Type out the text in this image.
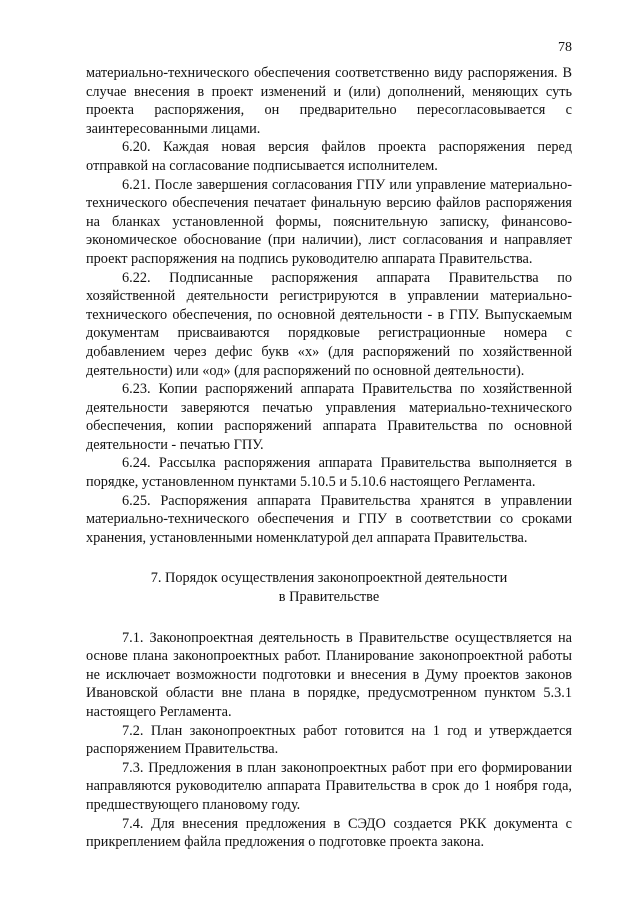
78

материально-технического обеспечения соответственно виду распоряжения. В случае внесения в проект изменений и (или) дополнений, меняющих суть проекта распоряжения, он предварительно пересогласовывается с заинтересованными лицами.

6.20. Каждая новая версия файлов проекта распоряжения перед отправкой на согласование подписывается исполнителем.

6.21. После завершения согласования ГПУ или управление материально-технического обеспечения печатает финальную версию файлов распоряжения на бланках установленной формы, пояснительную записку, финансово-экономическое обоснование (при наличии), лист согласования и направляет проект распоряжения на подпись руководителю аппарата Правительства.

6.22. Подписанные распоряжения аппарата Правительства по хозяйственной деятельности регистрируются в управлении материально-технического обеспечения, по основной деятельности - в ГПУ. Выпускаемым документам присваиваются порядковые регистрационные номера с добавлением через дефис букв «х» (для распоряжений по хозяйственной деятельности) или «од» (для распоряжений по основной деятельности).

6.23. Копии распоряжений аппарата Правительства по хозяйственной деятельности заверяются печатью управления материально-технического обеспечения, копии распоряжений аппарата Правительства по основной деятельности - печатью ГПУ.

6.24. Рассылка распоряжения аппарата Правительства выполняется в порядке, установленном пунктами 5.10.5 и 5.10.6 настоящего Регламента.

6.25. Распоряжения аппарата Правительства хранятся в управлении материально-технического обеспечения и ГПУ в соответствии со сроками хранения, установленными номенклатурой дел аппарата Правительства.

7. Порядок осуществления законопроектной деятельности
в Правительстве

7.1. Законопроектная деятельность в Правительстве осуществляется на основе плана законопроектных работ. Планирование законопроектной работы не исключает возможности подготовки и внесения в Думу проектов законов Ивановской области вне плана в порядке, предусмотренном пунктом 5.3.1 настоящего Регламента.

7.2. План законопроектных работ готовится на 1 год и утверждается распоряжением Правительства.

7.3. Предложения в план законопроектных работ при его формировании направляются руководителю аппарата Правительства в срок до 1 ноября года, предшествующего плановому году.

7.4. Для внесения предложения в СЭДО создается РКК документа с прикреплением файла предложения о подготовке проекта закона.
